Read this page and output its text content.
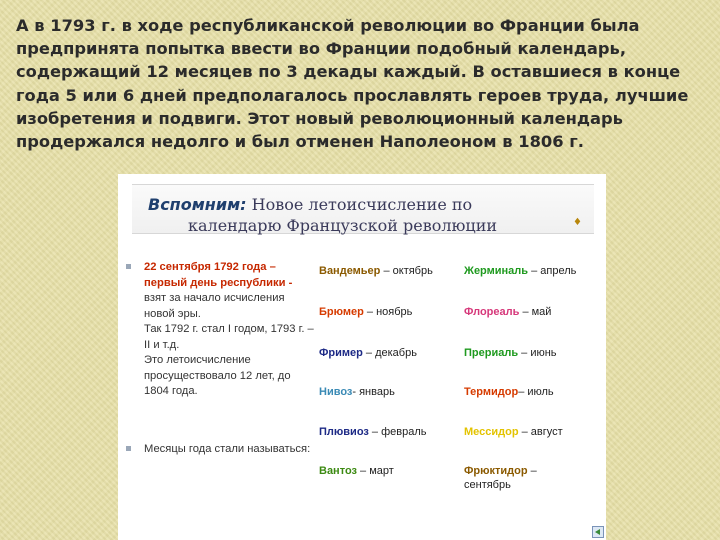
А в 1793 г. в ходе республиканской революции во Франции была предпринята попытка ввести во Франции подобный календарь, содержащий 12 месяцев по 3 декады каждый. В оставшиеся в конце года 5 или 6 дней предполагалось прославлять героев труда, лучшие изобретения и подвиги. Этот новый революционный календарь продержался недолго и был отменен Наполеоном в 1806 г.

Вспомним: Новое летоисчисление по
календарю Французской революции	♦
22 сентября 1792 года – первый день республики - взят за начало исчисления новой эры.
Так 1792 г. стал I годом, 1793 г. – II и т.д.
Это летоисчисление просуществовало 12 лет, до 1804 года.
Месяцы года стали называться:
Вандемьер – октябрь
Брюмер – ноябрь
Фример – декабрь
Нивоз- январь
Плювиоз – февраль
Вантоз – март
Жерминаль – апрель
Флореаль – май
Прериаль – июнь
Термидор– июль
Мессидор – август
Фрюктидор –
сентябрь
